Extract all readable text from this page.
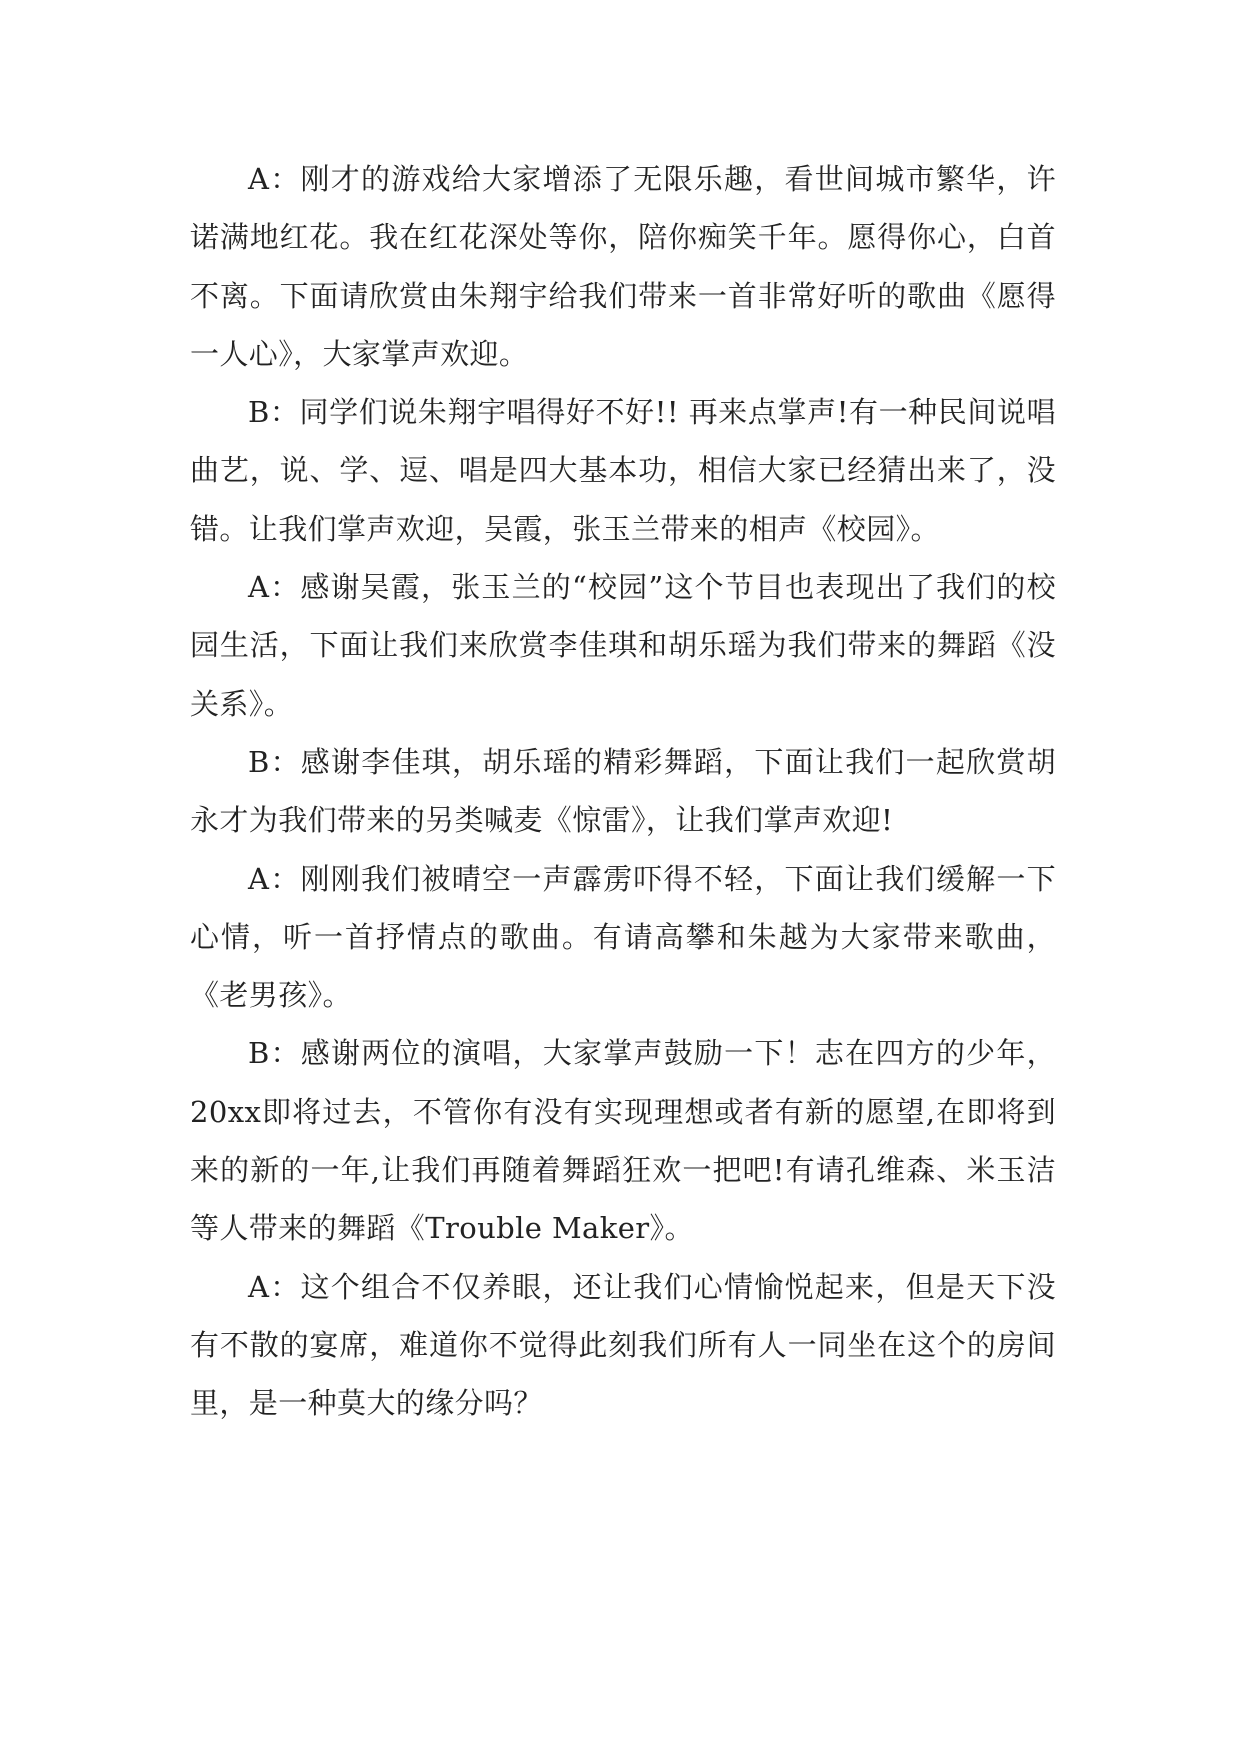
A：刚才的游戏给大家增添了无限乐趣，看世间城市繁华，许诺满地红花。我在红花深处等你，陪你痴笑千年。愿得你心，白首不离。下面请欣赏由朱翔宇给我们带来一首非常好听的歌曲《愿得一人心》，大家掌声欢迎。

B：同学们说朱翔宇唱得好不好!! 再来点掌声!有一种民间说唱曲艺，说、学、逗、唱是四大基本功，相信大家已经猜出来了，没错。让我们掌声欢迎，吴霞，张玉兰带来的相声《校园》。

A：感谢吴霞，张玉兰的“校园”这个节目也表现出了我们的校园生活，下面让我们来欣赏李佳琪和胡乐瑶为我们带来的舞蹈《没关系》。

B：感谢李佳琪，胡乐瑶的精彩舞蹈，下面让我们一起欣赏胡永才为我们带来的另类喊麦《惊雷》，让我们掌声欢迎!

A：刚刚我们被晴空一声霹雳吓得不轻，下面让我们缓解一下心情，听一首抒情点的歌曲。有请高攀和朱越为大家带来歌曲，《老男孩》。

B：感谢两位的演唱，大家掌声鼓励一下！志在四方的少年，20xx即将过去，不管你有没有实现理想或者有新的愿望,在即将到来的新的一年,让我们再随着舞蹈狂欢一把吧!有请孔维森、米玉洁等人带来的舞蹈《Trouble Maker》。

A：这个组合不仅养眼，还让我们心情愉悦起来，但是天下没有不散的宴席，难道你不觉得此刻我们所有人一同坐在这个的房间里，是一种莫大的缘分吗？
